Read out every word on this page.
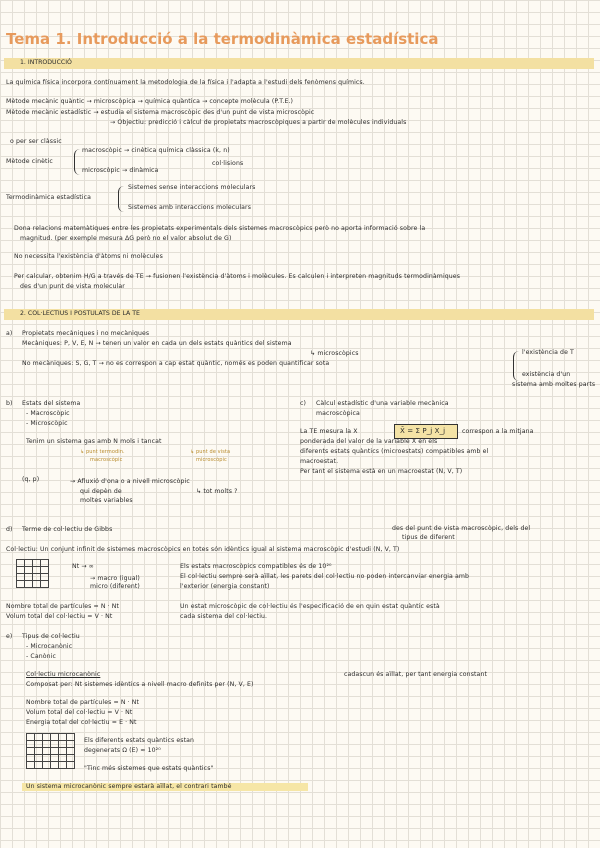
Tema 1. Introducció a la termodinàmica estadística
1. INTRODUCCIÓ
La química física incorpora contínuament la metodologia de la física i l'adapta a l'estudi dels fenòmens químics.
Mètode mecànic quàntic → microscòpica → química quàntica → concepte molècula (P.T.E.)
Mètode mecànic estadístic → estudia el sistema macroscòpic des d'un punt de vista microscòpic
→ Objectiu: predicció i càlcul de propietats macroscòpiques a partir de molècules individuals
o per ser clàssic
Mètode cinètic
macroscòpic → cinètica química clàssica (k, n)
microscòpic → dinàmica
col·lisions
Termodinàmica estadística
Sistemes sense interaccions moleculars
Sistemes amb interaccions moleculars
Dona relacions matemàtiques entre les propietats experimentals dels sistemes macroscòpics però no aporta informació sobre la
magnitud. (per exemple mesura ΔG però no el valor absolut de G)
No necessita l'existència d'àtoms ni molècules
Per calcular, obtenim H/G a través de TE → fusionen l'existència d'àtoms i molècules. Es calculen i interpreten magnituds termodinàmiques
des d'un punt de vista molecular
2. COL·LECTIUS I POSTULATS DE LA TE
a) Propietats mecàniques i no mecàniques
Mecàniques: P, V, E, N → tenen un valor en cada un dels estats quàntics del sistema
↳ microscòpics
No mecàniques: S, G, T → no es correspon a cap estat quàntic, només es poden quantificar sota
l'existència de T
existència d'un
sistema amb moltes parts
b) Estats del sistema
- Macroscòpic
- Microscòpic
Tenim un sistema gas amb N mols i tancat
↳ punt termodin.
macroscòpic
↳ punt de vista
microscòpic
(q, p)	→ Afluxió d'ona o a nivell microscòpic
qui depèn de
moltes variables
↳ tot molts ?
c) Càlcul estadístic d'una variable mecànica
macroscòpica
La TE mesura la X	X̄ = Σ P_j X_j	correspon a la mitjana
ponderada del valor de la variable X en els
diferents estats quàntics (microestats) compatibles amb el
macroestat.
Per tant el sistema està en un macroestat (N, V, T)
d) Terme de col·lectiu de Gibbs	des del punt de vista macroscòpic, dels del
tipus de diferent
Col·lectiu: Un conjunt infinit de sistemes macroscòpics en totes són idèntics igual al sistema macroscòpic d'estudi (N, V, T)

Nt → ∞
→ macro (igual)
micro (diferent)
Els estats macroscòpics compatibles és de 10²⁰
El col·lectiu sempre serà aïllat, les parets del col·lectiu no poden intercanviar energia amb
l'exterior (energia constant)
Nombre total de partícules = N · Nt
Volum total del col·lectiu = V · Nt
Un estat microscòpic de col·lectiu és l'especificació de en quin estat quàntic està
cada sistema del col·lectiu.
e) Tipus de col·lectiu
- Microcanònic
- Canònic
Col·lectiu microcanònic	cadascun és aïllat, per tant energia constant
Composat per: Nt sistemes idèntics a nivell macro definits per (N, V, E)
Nombre total de partícules = N · Nt
Volum total del col·lectiu = V · Nt
Energia total del col·lectiu = E · Nt

Els diferents estats quàntics estan
degenerats Ω (E) ≈ 10²⁰
"Tinc més sistemes que estats quàntics"
Un sistema microcanònic sempre estarà aïllat, el contrari també
